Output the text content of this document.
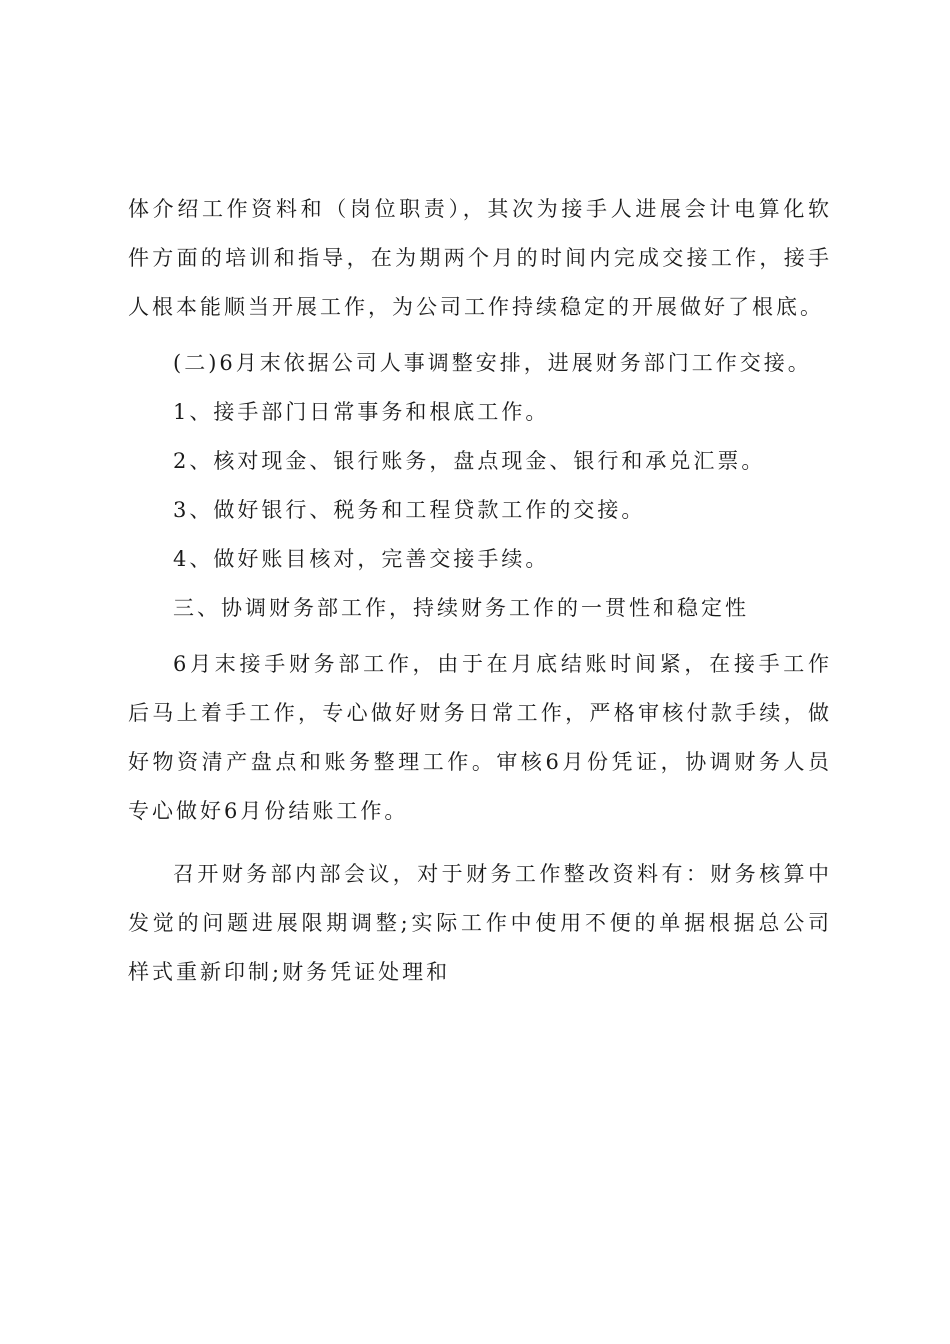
体介绍工作资料和（岗位职责），其次为接手人进展会计电算化软件方面的培训和指导，在为期两个月的时间内完成交接工作，接手人根本能顺当开展工作，为公司工作持续稳定的开展做好了根底。

(二)6月末依据公司人事调整安排，进展财务部门工作交接。

1、接手部门日常事务和根底工作。

2、核对现金、银行账务，盘点现金、银行和承兑汇票。

3、做好银行、税务和工程贷款工作的交接。

4、做好账目核对，完善交接手续。

三、协调财务部工作，持续财务工作的一贯性和稳定性

6月末接手财务部工作，由于在月底结账时间紧，在接手工作后马上着手工作，专心做好财务日常工作，严格审核付款手续，做好物资清产盘点和账务整理工作。审核6月份凭证，协调财务人员专心做好6月份结账工作。

召开财务部内部会议，对于财务工作整改资料有：财务核算中发觉的问题进展限期调整;实际工作中使用不便的单据根据总公司样式重新印制;财务凭证处理和
